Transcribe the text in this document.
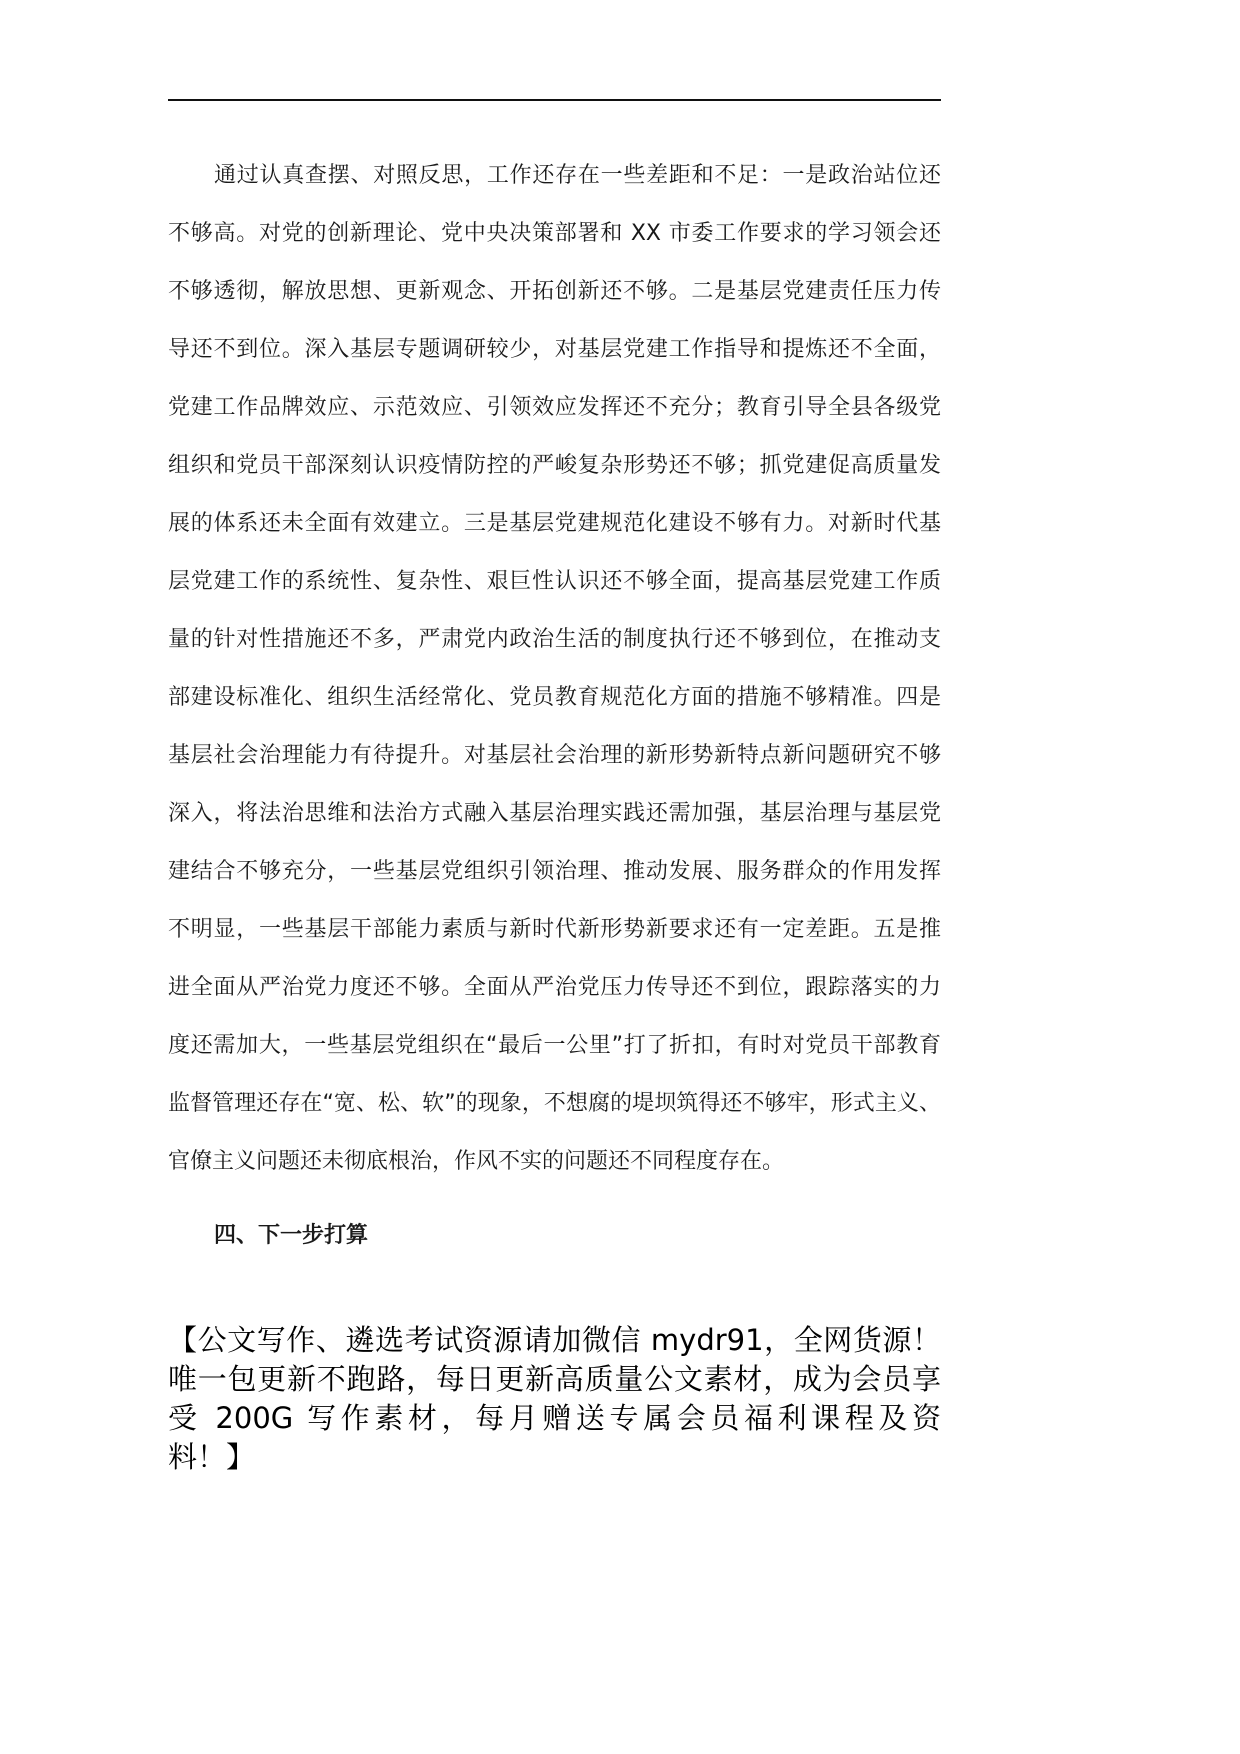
通过认真查摆、对照反思，工作还存在一些差距和不足：一是政治站位还
不够高。对党的创新理论、党中央决策部署和 XX 市委工作要求的学习领会还
不够透彻，解放思想、更新观念、开拓创新还不够。二是基层党建责任压力传
导还不到位。深入基层专题调研较少，对基层党建工作指导和提炼还不全面，
党建工作品牌效应、示范效应、引领效应发挥还不充分；教育引导全县各级党
组织和党员干部深刻认识疫情防控的严峻复杂形势还不够；抓党建促高质量发
展的体系还未全面有效建立。三是基层党建规范化建设不够有力。对新时代基
层党建工作的系统性、复杂性、艰巨性认识还不够全面，提高基层党建工作质
量的针对性措施还不多，严肃党内政治生活的制度执行还不够到位，在推动支
部建设标准化、组织生活经常化、党员教育规范化方面的措施不够精准。四是
基层社会治理能力有待提升。对基层社会治理的新形势新特点新问题研究不够
深入，将法治思维和法治方式融入基层治理实践还需加强，基层治理与基层党
建结合不够充分，一些基层党组织引领治理、推动发展、服务群众的作用发挥
不明显，一些基层干部能力素质与新时代新形势新要求还有一定差距。五是推
进全面从严治党力度还不够。全面从严治党压力传导还不到位，跟踪落实的力
度还需加大，一些基层党组织在“最后一公里”打了折扣，有时对党员干部教育
监督管理还存在“宽、松、软”的现象，不想腐的堤坝筑得还不够牢，形式主义、
官僚主义问题还未彻底根治，作风不实的问题还不同程度存在。
四、下一步打算
【公文写作、遴选考试资源请加微信 mydr91，全网货源！
唯一包更新不跑路，每日更新高质量公文素材，成为会员享
受 200G 写作素材，每月赠送专属会员福利课程及资
料！】
